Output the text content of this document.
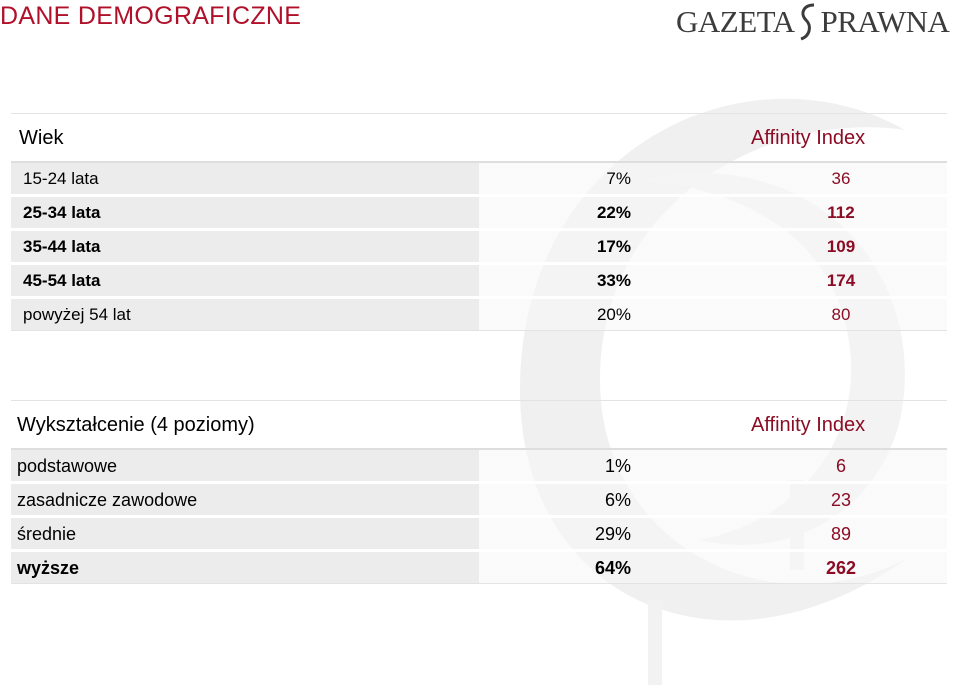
DANE DEMOGRAFICZNE	GAZETA PRAWNA
Wiek	Affinity Index
15-24 lata	7%	36
25-34 lata	22%	112
35-44 lata	17%	109
45-54 lata	33%	174
powyżej 54 lat	20%	80
Wykształcenie (4 poziomy)	Affinity Index
podstawowe	1%	6
zasadnicze zawodowe	6%	23
średnie	29%	89
wyższe	64%	262
